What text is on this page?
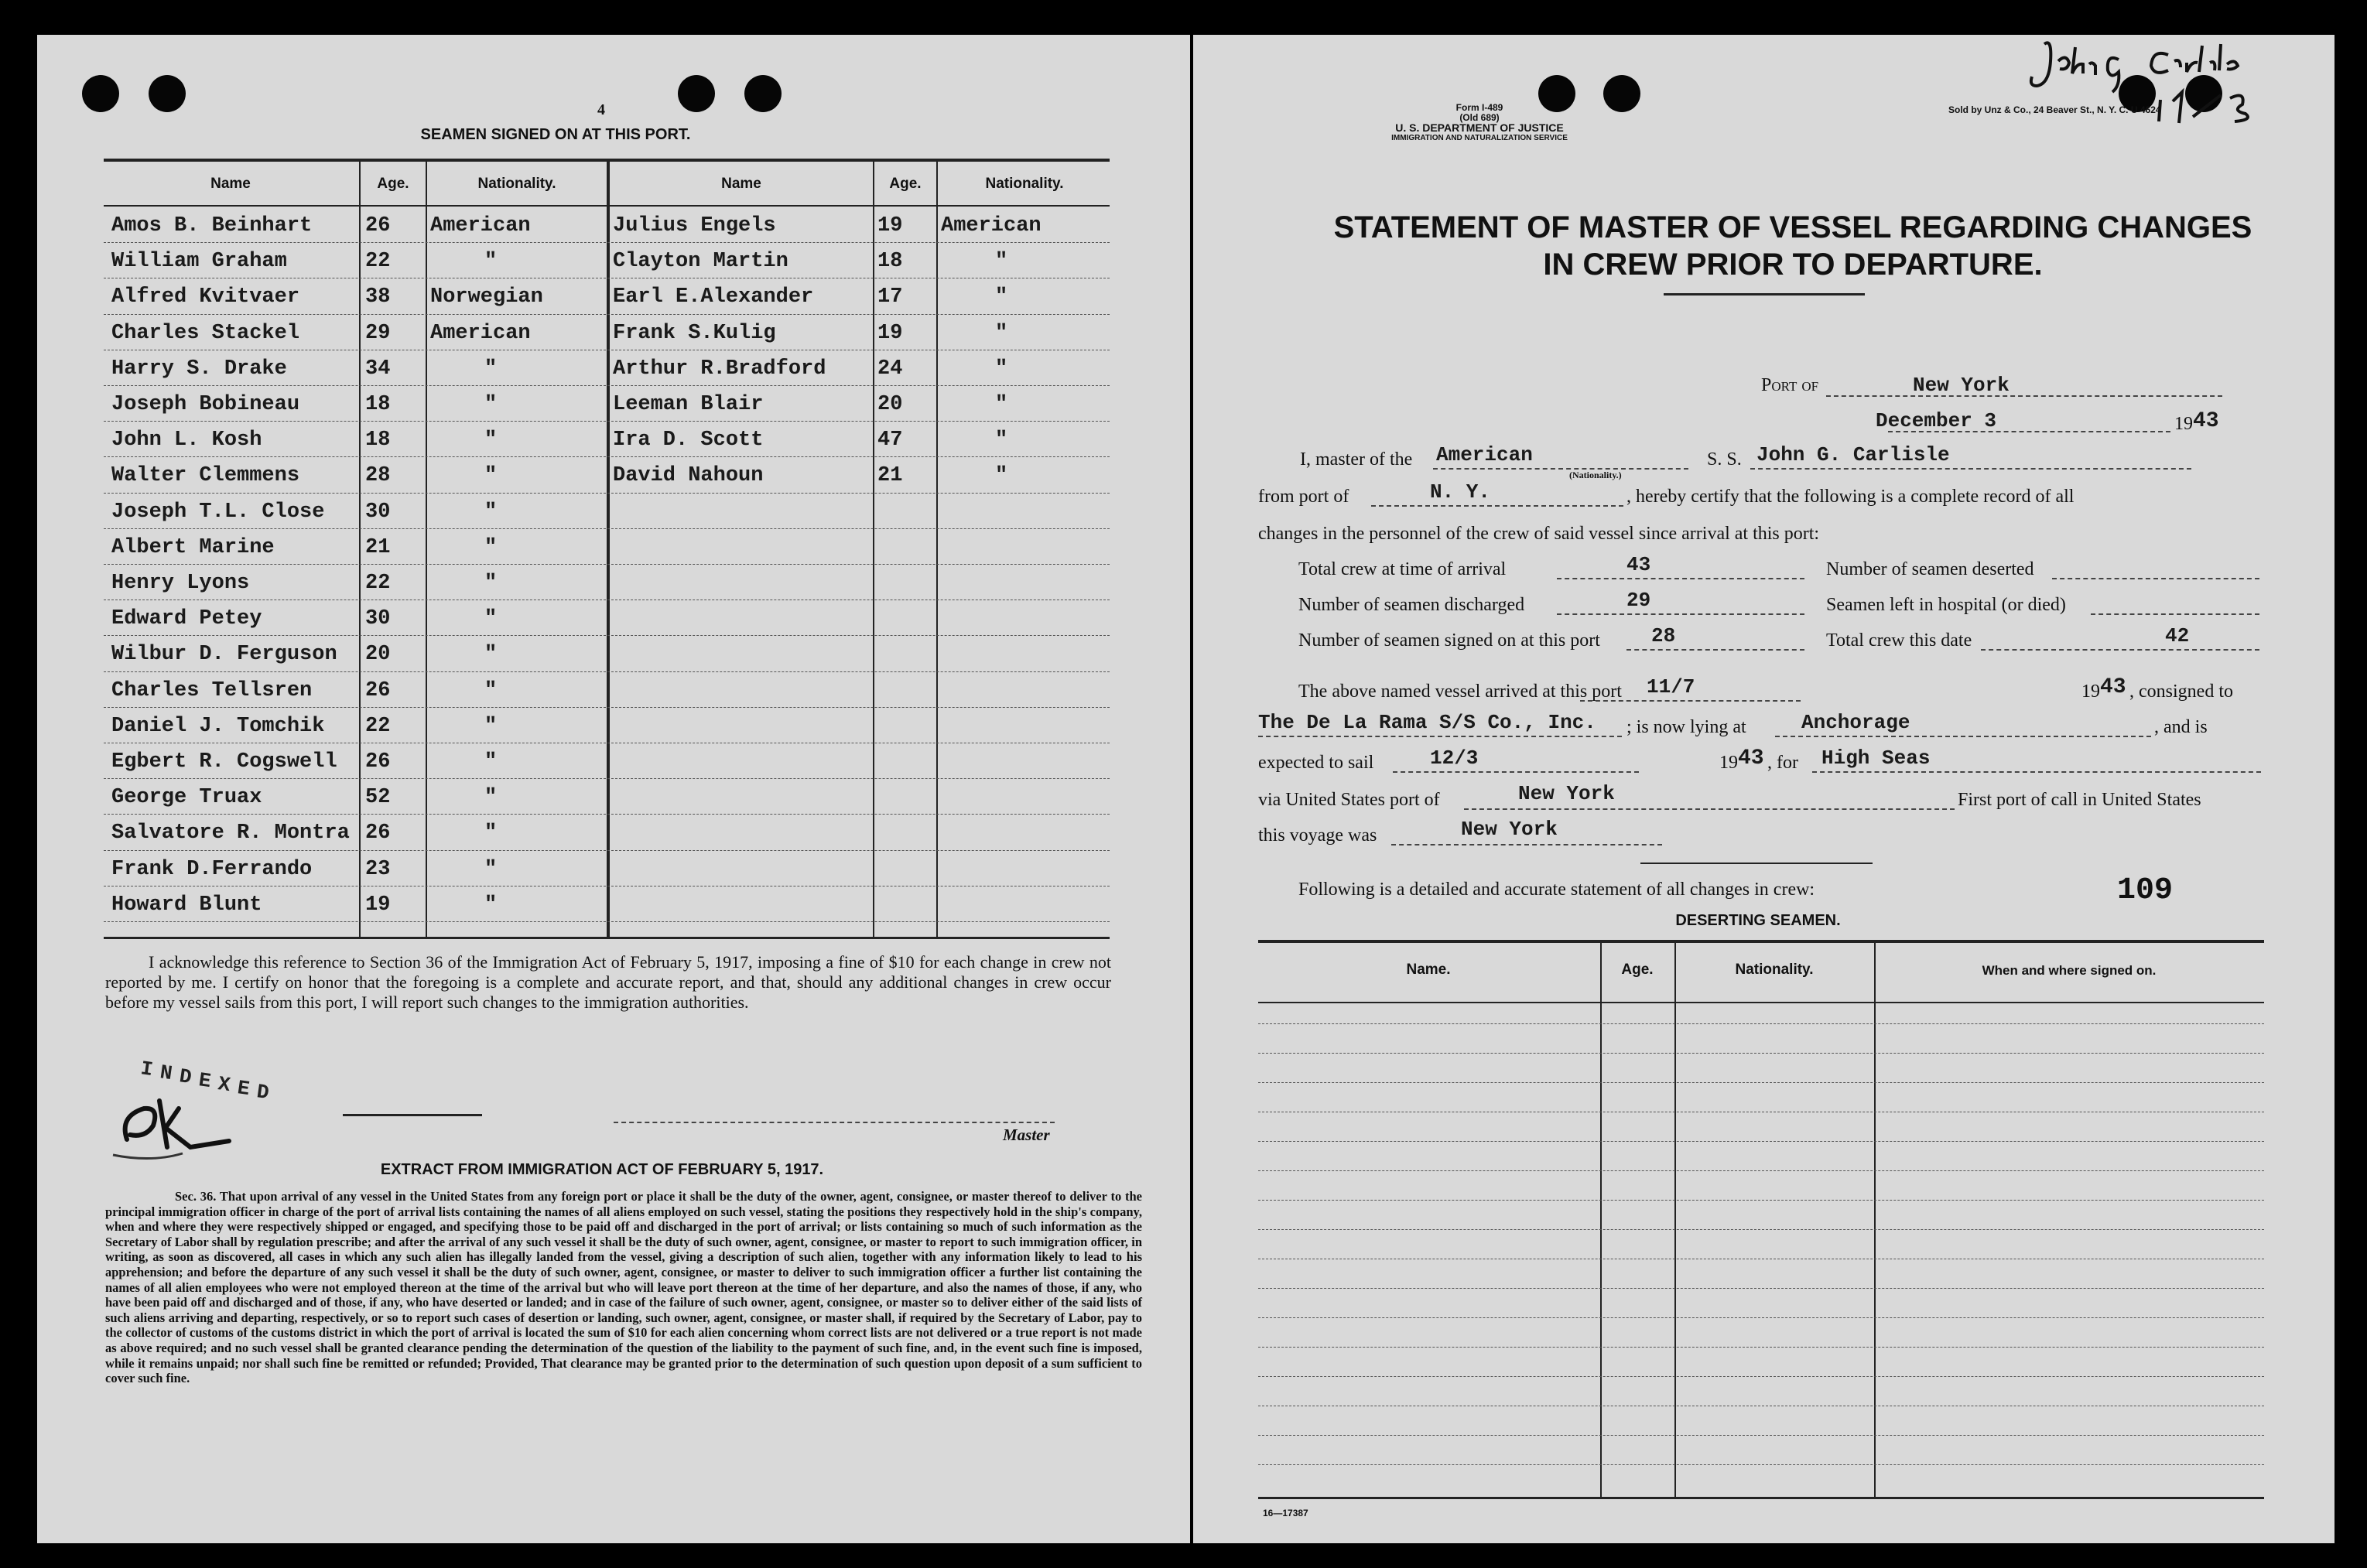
4
SEAMEN SIGNED ON AT THIS PORT.
Name	Age.	Nationality.	Name	Age.	Nationality.
Amos B. Beinhart	26 American	Julius Engels	19 American
William Graham	22	"	Clayton Martin	18	"
Alfred Kvitvaer	38 Norwegian	Earl E.Alexander	17	"
Charles Stackel	29 American	Frank S.Kulig	19	"
Harry S. Drake	34	"	Arthur R.Bradford 24	"
Joseph Bobineau	18	"	Leeman Blair	20	"
John L. Kosh	18	"	Ira D. Scott	47	"
Walter Clemmens	28	"	David Nahoun	21	"
Joseph T.L. Close 30	"
Albert Marine	21	"
Henry Lyons	22	"
Edward Petey	30	"
Wilbur D. Ferguson 20	"
Charles Tellsren	26	"
Daniel J. Tomchik 22	"
Egbert R. Cogswell 26	"
George Truax	52	"
Salvatore R. Montra 26	"
Frank D.Ferrando	23	"
Howard Blunt	19	"
I acknowledge this reference to Section 36 of the Immigration Act of February 5, 1917, imposing a fine of $10 for each change in crew not reported by me. I certify on honor that the foregoing is a complete and accurate report, and that, should any additional changes in crew occur before my vessel sails from this port, I will report such changes to the immigration authorities.
I N D E X E D
Master
EXTRACT FROM IMMIGRATION ACT OF FEBRUARY 5, 1917.
Sec. 36. That upon arrival of any vessel in the United States from any foreign port or place it shall be the duty of the owner, agent, consignee, or master thereof to deliver to the principal immigration officer in charge of the port of arrival lists containing the names of all aliens employed on such vessel, stating the positions they respectively hold in the ship's company, when and where they were respectively shipped or engaged, and specifying those to be paid off and discharged in the port of arrival; or lists containing so much of such information as the Secretary of Labor shall by regulation prescribe; and after the arrival of any such vessel it shall be the duty of such owner, agent, consignee, or master to report to such immigration officer, in writing, as soon as discovered, all cases in which any such alien has illegally landed from the vessel, giving a description of such alien, together with any information likely to lead to his apprehension; and before the departure of any such vessel it shall be the duty of such owner, agent, consignee, or master to deliver to such immigration officer a further list containing the names of all alien employees who were not employed thereon at the time of the arrival but who will leave port thereon at the time of her departure, and also the names of those, if any, who have been paid off and discharged and of those, if any, who have deserted or landed; and in case of the failure of such owner, agent, consignee, or master so to deliver either of the said lists of such aliens arriving and departing, respectively, or so to report such cases of desertion or landing, such owner, agent, consignee, or master shall, if required by the Secretary of Labor, pay to the collector of customs of the customs district in which the port of arrival is located the sum of $10 for each alien concerning whom correct lists are not delivered or a true report is not made as above required; and no such vessel shall be granted clearance pending the determination of the question of the liability to the payment of such fine, and, in the event such fine is imposed, while it remains unpaid; nor shall such fine be remitted or refunded; Provided, That clearance may be granted prior to the determination of such question upon deposit of a sum sufficient to cover such fine.
Form I-489
(Old 689)
U. S. DEPARTMENT OF JUSTICE
IMMIGRATION AND NATURALIZATION SERVICE
Sold by Unz & Co., 24 Beaver St., N. Y. C. U 4624
STATEMENT OF MASTER OF VESSEL REGARDING CHANGES
IN CREW PRIOR TO DEPARTURE.
Port of	New York
December 3	19 43
I, master of the American
(Nationality.)
S. S. John G. Carlisle
from port of	N. Y.	, hereby certify that the following is a complete record of all
changes in the personnel of the crew of said vessel since arrival at this port:
Total crew at time of arrival	43	Number of seamen deserted
Number of seamen discharged	29	Seamen left in hospital (or died)
Number of seamen signed on at this port	28	Total crew this date	42
The above named vessel arrived at this port 11/7	19 43 , consigned to
The De La Rama S/S Co., Inc. ; is now lying at	Anchorage	, and is
expected to sail	12/3	19 43 , for High Seas
via United States port of	New York	First port of call in United States
this voyage was	New York
Following is a detailed and accurate statement of all changes in crew:	109
DESERTING SEAMEN.
Name.	Age.	Nationality.	When and where signed on.
16—17387
